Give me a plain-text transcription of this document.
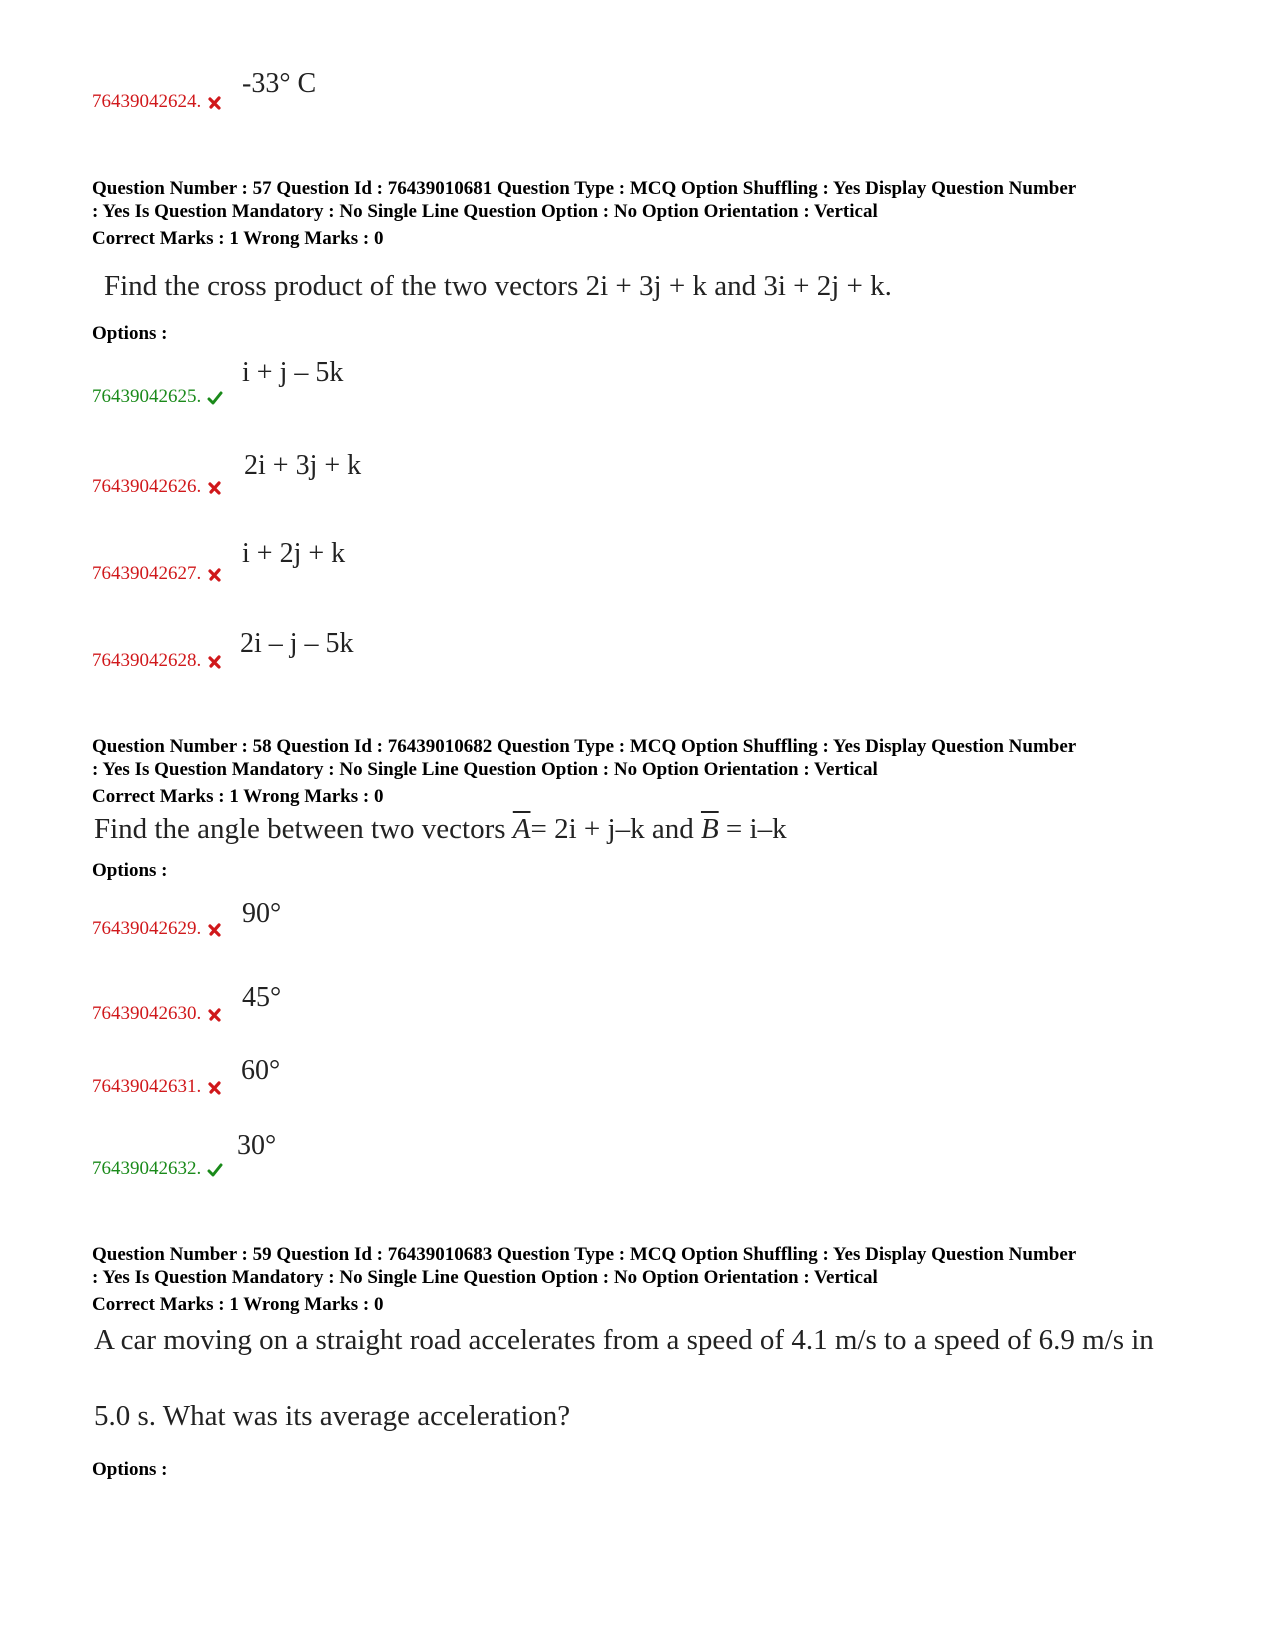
-33° C
76439042624.
Question Number : 57 Question Id : 76439010681 Question Type : MCQ Option Shuffling : Yes Display Question Number
: Yes Is Question Mandatory : No Single Line Question Option : No Option Orientation : Vertical
Correct Marks : 1 Wrong Marks : 0
Find the cross product of the two vectors 2i + 3j + k and 3i + 2j + k.
Options :
i + j – 5k
76439042625.
2i + 3j + k
76439042626.
i + 2j + k
76439042627.
2i – j – 5k
76439042628.
Question Number : 58 Question Id : 76439010682 Question Type : MCQ Option Shuffling : Yes Display Question Number
: Yes Is Question Mandatory : No Single Line Question Option : No Option Orientation : Vertical
Correct Marks : 1 Wrong Marks : 0
Find the angle between two vectors $\overline{A}= 2i + j-k$ and $\overline{B} = i-k$
Options :
90°
76439042629.
45°
76439042630.
60°
76439042631.
30°
76439042632.
Question Number : 59 Question Id : 76439010683 Question Type : MCQ Option Shuffling : Yes Display Question Number
: Yes Is Question Mandatory : No Single Line Question Option : No Option Orientation : Vertical
Correct Marks : 1 Wrong Marks : 0
A car moving on a straight road accelerates from a speed of 4.1 m/s to a speed of 6.9 m/s in
5.0 s. What was its average acceleration?
Options :
